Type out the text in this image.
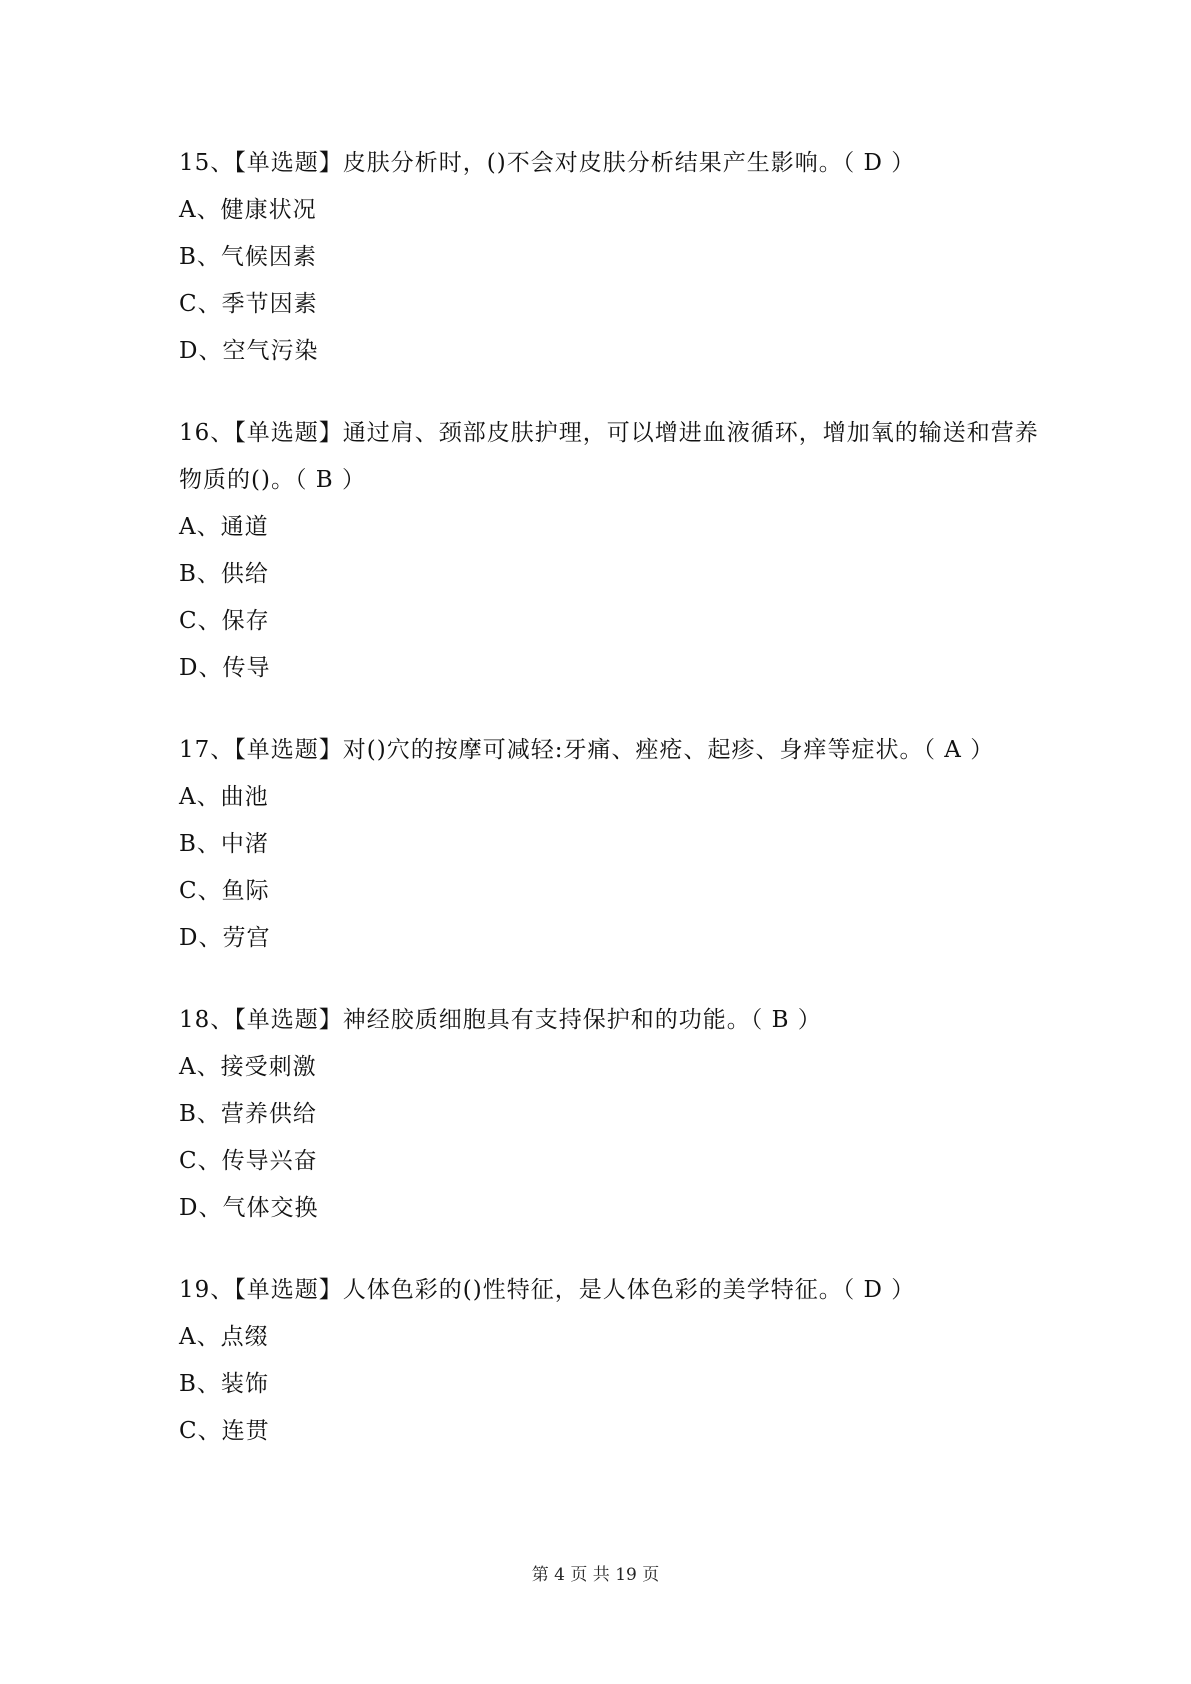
15、【单选题】皮肤分析时，()不会对皮肤分析结果产生影响。（ D ）
A、健康状况
B、气候因素
C、季节因素
D、空气污染
16、【单选题】通过肩、颈部皮肤护理，可以增进血液循环，增加氧的输送和营养物质的()。（ B ）
A、通道
B、供给
C、保存
D、传导
17、【单选题】对()穴的按摩可减轻:牙痛、痤疮、起疹、身痒等症状。（ A ）
A、曲池
B、中渚
C、鱼际
D、劳宫
18、【单选题】神经胶质细胞具有支持保护和的功能。（ B ）
A、接受刺激
B、营养供给
C、传导兴奋
D、气体交换
19、【单选题】人体色彩的()性特征，是人体色彩的美学特征。（ D ）
A、点缀
B、装饰
C、连贯
第 4 页 共 19 页
